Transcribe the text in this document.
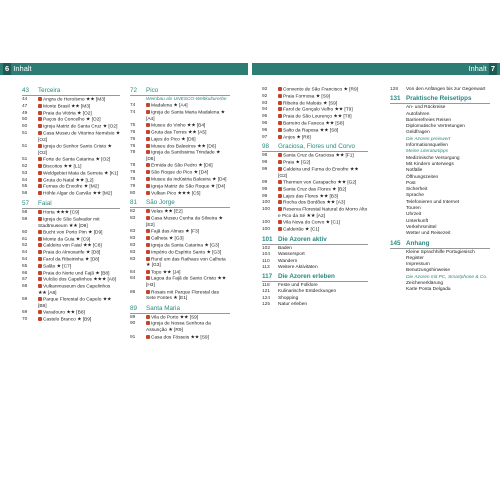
6 Inhalt	Inhalt 7
43	Terceira
44	Angra do Heroísmo ★★ [M3]
47	Monte Brasil ★★ [M3]
49	Praia da Vitória ★ [O2]
50	Paços do Concelho ★ [O2]
50	Igreja Matriz de Santa Cruz ★ [O2]
51	Casa Museu de Vitorino Nemésio ★ [O2]
51	Igreja do Senhor Santo Cristo ★ [O2]
51	Forte de Santa Catarina ★ [O2]
52	Biscoitos ★★ [L1]
53	Weldgebiet Mata da Serreta ★ [K1]
54	Gruta do Natal ★★ [L2]
55	Furnas do Enxofre ★ [M2]
56	Höhle Algar do Carvão ★★ [M2]
57	Faial
58	Horta ★★★ [C9]
59	Igreja de São Salvador mit Stadtmuseum ★★ [D9]
60	Bucht von Porto Pim ★ [D9]
61	Monte da Guia ★ [C9]
62	Caldeira von Faial ★★ [C8]
64	Praia do Almoxarife ★ [D8]
64	Farol da Ribeirinha ★ [D8]
65	Salão ★ [C7]
66	Praia do Norte und Fajã ★ [B8]
67	Vulcão dos Capelinhos ★★★ [A8]
68	Vulkanmuseum des Capelinhos ★★ [A8]
69	Parque Florestal do Capelo ★★ [B8]
69	Varadouro ★★ [B8]
70	Castelo Branco ★ [B9]
72	Pico
Weinbau als UNESCO-Weltkulturerbe
74	Madalena ★ [A4]
74	Igreja de Santa Maria Madalena ★ [A4]
75	Museu do Vinho ★★ [B4]
76	Gruta das Torres ★★ [A5]
76	Lajes do Pico ★ [D6]
76	Museu dos Baleeiros ★★ [D6]
78	Igreja da Santíssima Trindade ★ [D6]
78	Ermida de São Pedro ★ [D6]
78	São Roque do Pico ★ [D4]
78	Museu da Indústria Baleeira ★ [D4]
79	Igreja Matriz de São Roque ★ [D4]
80	Vulkan Pico ★★★ [C5]
81	São Jorge
82	Velas ★★ [E2]
83	Casa Museu Cunha da Silveira ★ [E2]
83	Fajã das Almas ★ [F3]
83	Calheta ★ [G3]
83	Igreja da Santa Catarina ★ [G3]
83	Império do Espírito Santo ★ [G3]
83	Rund um das Rathaus von Calheta ★ [G3]
84	Topo ★★ [J4]
84	Lagoa da Fajã de Santo Cristo ★★ [H3]
86	Rosais mit Parque Florestal das Sete Fontes ★ [E1]
89	Santa Maria
89	Vila do Porto ★★ [S9]
90	Igreja de Nossa Senhora da Assunção ★ [R9]
91	Casa dos Fósseis ★★ [S9]
92	Convento de São Francisco ★ [R9]
92	Praia Formosa ★ [S9]
93	Ribeira de Maloás ★ [S9]
94	Farol de Gonçalo Velho ★★ [T9]
95	Praia de São Lourenço ★★ [T8]
96	Barreiro da Faneca ★★ [S8]
96	Salto da Raposa ★★ [S8]
97	Anjos ★ [R8]
98	Graciosa, Flores und Corvo
98	Santa Cruz da Graciosa ★★ [F1]
99	Praia ★ [G2]
99	Caldeira und Furna do Enxofre ★★ [G2]
99	Thermen von Carapacho ★★ [G2]
99	Santa Cruz das Flores ★ [B2]
99	Lajes das Flores ★★ [B3]
100	Rocha dos Bordões ★★ [A3]
100	Reserva Florestal Natural do Morro Alto e Pico da Sé ★★ [A2]
100	Vila Nova do Corvo ★ [C1]
100	Caldeirão ★ [C1]
101 Die Azoren aktiv
102	Baden
104	Wassersport
110	Wandern
113	Weitere Aktivitäten
117 Die Azoren erleben
118	Feste und Folklore
121	Kulinarische Entdeckungen
124	Shopping
125	Natur erleben
128	Von den Anfängen bis zur Gegenwart
131 Praktische Reisetipps
An- und Rückreise
Autofahren
Barrierefreies Reisen
Diplomatische Vertretungen
Geldfragen
Die Azoren preiswert
Informationsquellen
Meine Literaturtipps
Medizinische Versorgung
Mit Kindern unterwegs
Notfälle
Öffnungszeiten
Post
Sicherheit
Sprache
Telefonieren und Internet
Touren
Uhrzeit
Unterkunft
Verkehrsmittel
Wetter und Reisezeit
145 Anhang
Kleine Sprachhilfe Portugiesisch
Register
Impressum
Benutzungshinweise
Die Azoren mit PC, Smartphone & Co.
Zeichenerklärung
Karte Ponta Delgada
